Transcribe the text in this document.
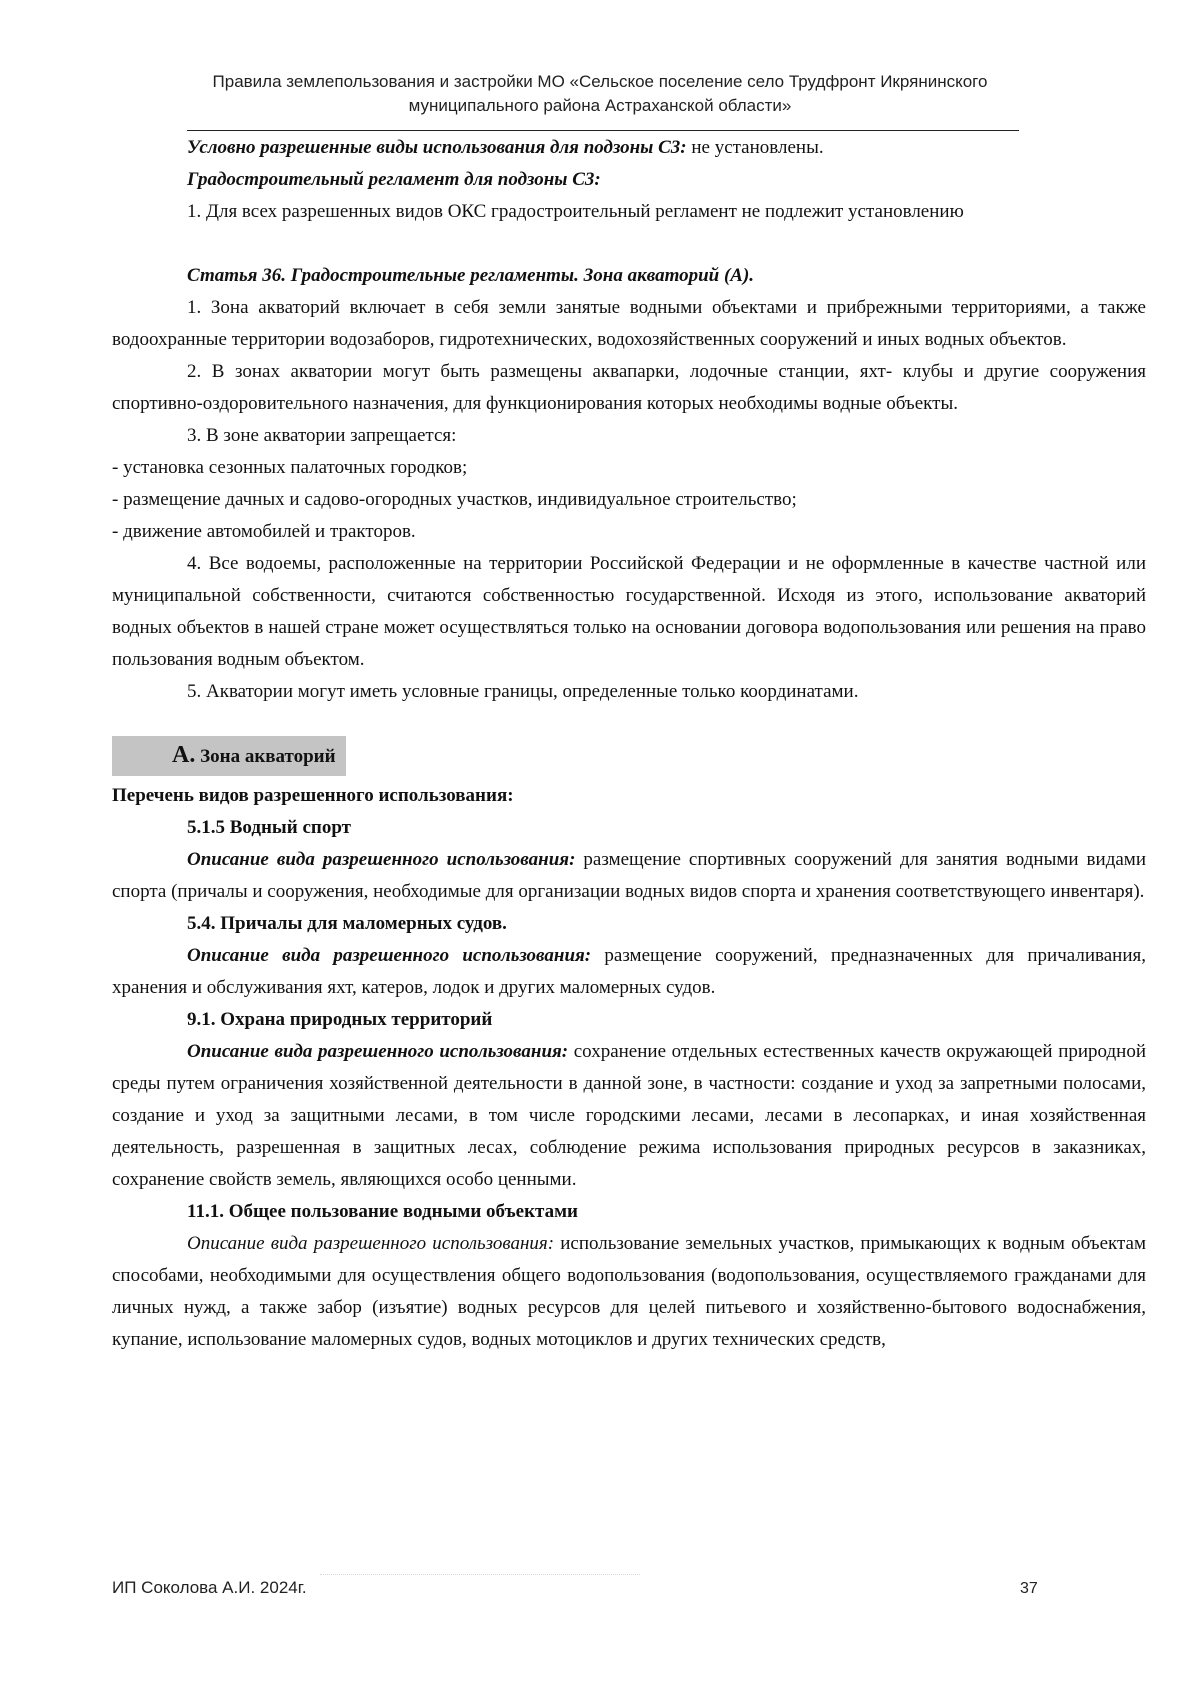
Правила землепользования и застройки МО «Сельское поселение село Трудфронт Икрянинского
муниципального района Астраханской области»

Условно разрешенные виды использования для подзоны С3: не установлены.

Градостроительный регламент для подзоны С3:

1. Для всех разрешенных видов ОКС градостроительный регламент не подлежит установлению

Статья 36. Градостроительные регламенты. Зона акваторий (А).

1. Зона акваторий включает в себя земли занятые водными объектами и прибрежными территориями, а также водоохранные территории водозаборов, гидротехнических, водохозяйственных сооружений и иных водных объектов.

2. В зонах акватории могут быть размещены аквапарки, лодочные станции, яхт- клубы и другие сооружения спортивно-оздоровительного назначения, для функционирования которых необходимы водные объекты.

3. В зоне акватории запрещается:

- установка сезонных палаточных городков;

- размещение дачных и садово-огородных участков, индивидуальное строительство;

- движение автомобилей и тракторов.

4. Все водоемы, расположенные на территории Российской Федерации и не оформленные в качестве частной или муниципальной собственности, считаются собственностью государственной. Исходя из этого, использование акваторий водных объектов в нашей стране может осуществляться только на основании договора водопользования или решения на право пользования водным объектом.

5. Акватории могут иметь условные границы, определенные только координатами.

А. Зона акваторий

Перечень видов разрешенного использования:

5.1.5 Водный спорт

Описание вида разрешенного использования: размещение спортивных сооружений для занятия водными видами спорта (причалы и сооружения, необходимые для организации водных видов спорта и хранения соответствующего инвентаря).

5.4. Причалы для маломерных судов.

Описание вида разрешенного использования: размещение сооружений, предназначенных для причаливания, хранения и обслуживания яхт, катеров, лодок и других маломерных судов.

9.1. Охрана природных территорий

Описание вида разрешенного использования: сохранение отдельных естественных качеств окружающей природной среды путем ограничения хозяйственной деятельности в данной зоне, в частности: создание и уход за запретными полосами, создание и уход за защитными лесами, в том числе городскими лесами, лесами в лесопарках, и иная хозяйственная деятельность, разрешенная в защитных лесах, соблюдение режима использования природных ресурсов в заказниках, сохранение свойств земель, являющихся особо ценными.

11.1. Общее пользование водными объектами

Описание вида разрешенного использования: использование земельных участков, примыкающих к водным объектам способами, необходимыми для осуществления общего водопользования (водопользования, осуществляемого гражданами для личных нужд, а также забор (изъятие) водных ресурсов для целей питьевого и хозяйственно-бытового водоснабжения, купание, использование маломерных судов, водных мотоциклов и других технических средств,

ИП Соколова А.И. 2024г.	37
